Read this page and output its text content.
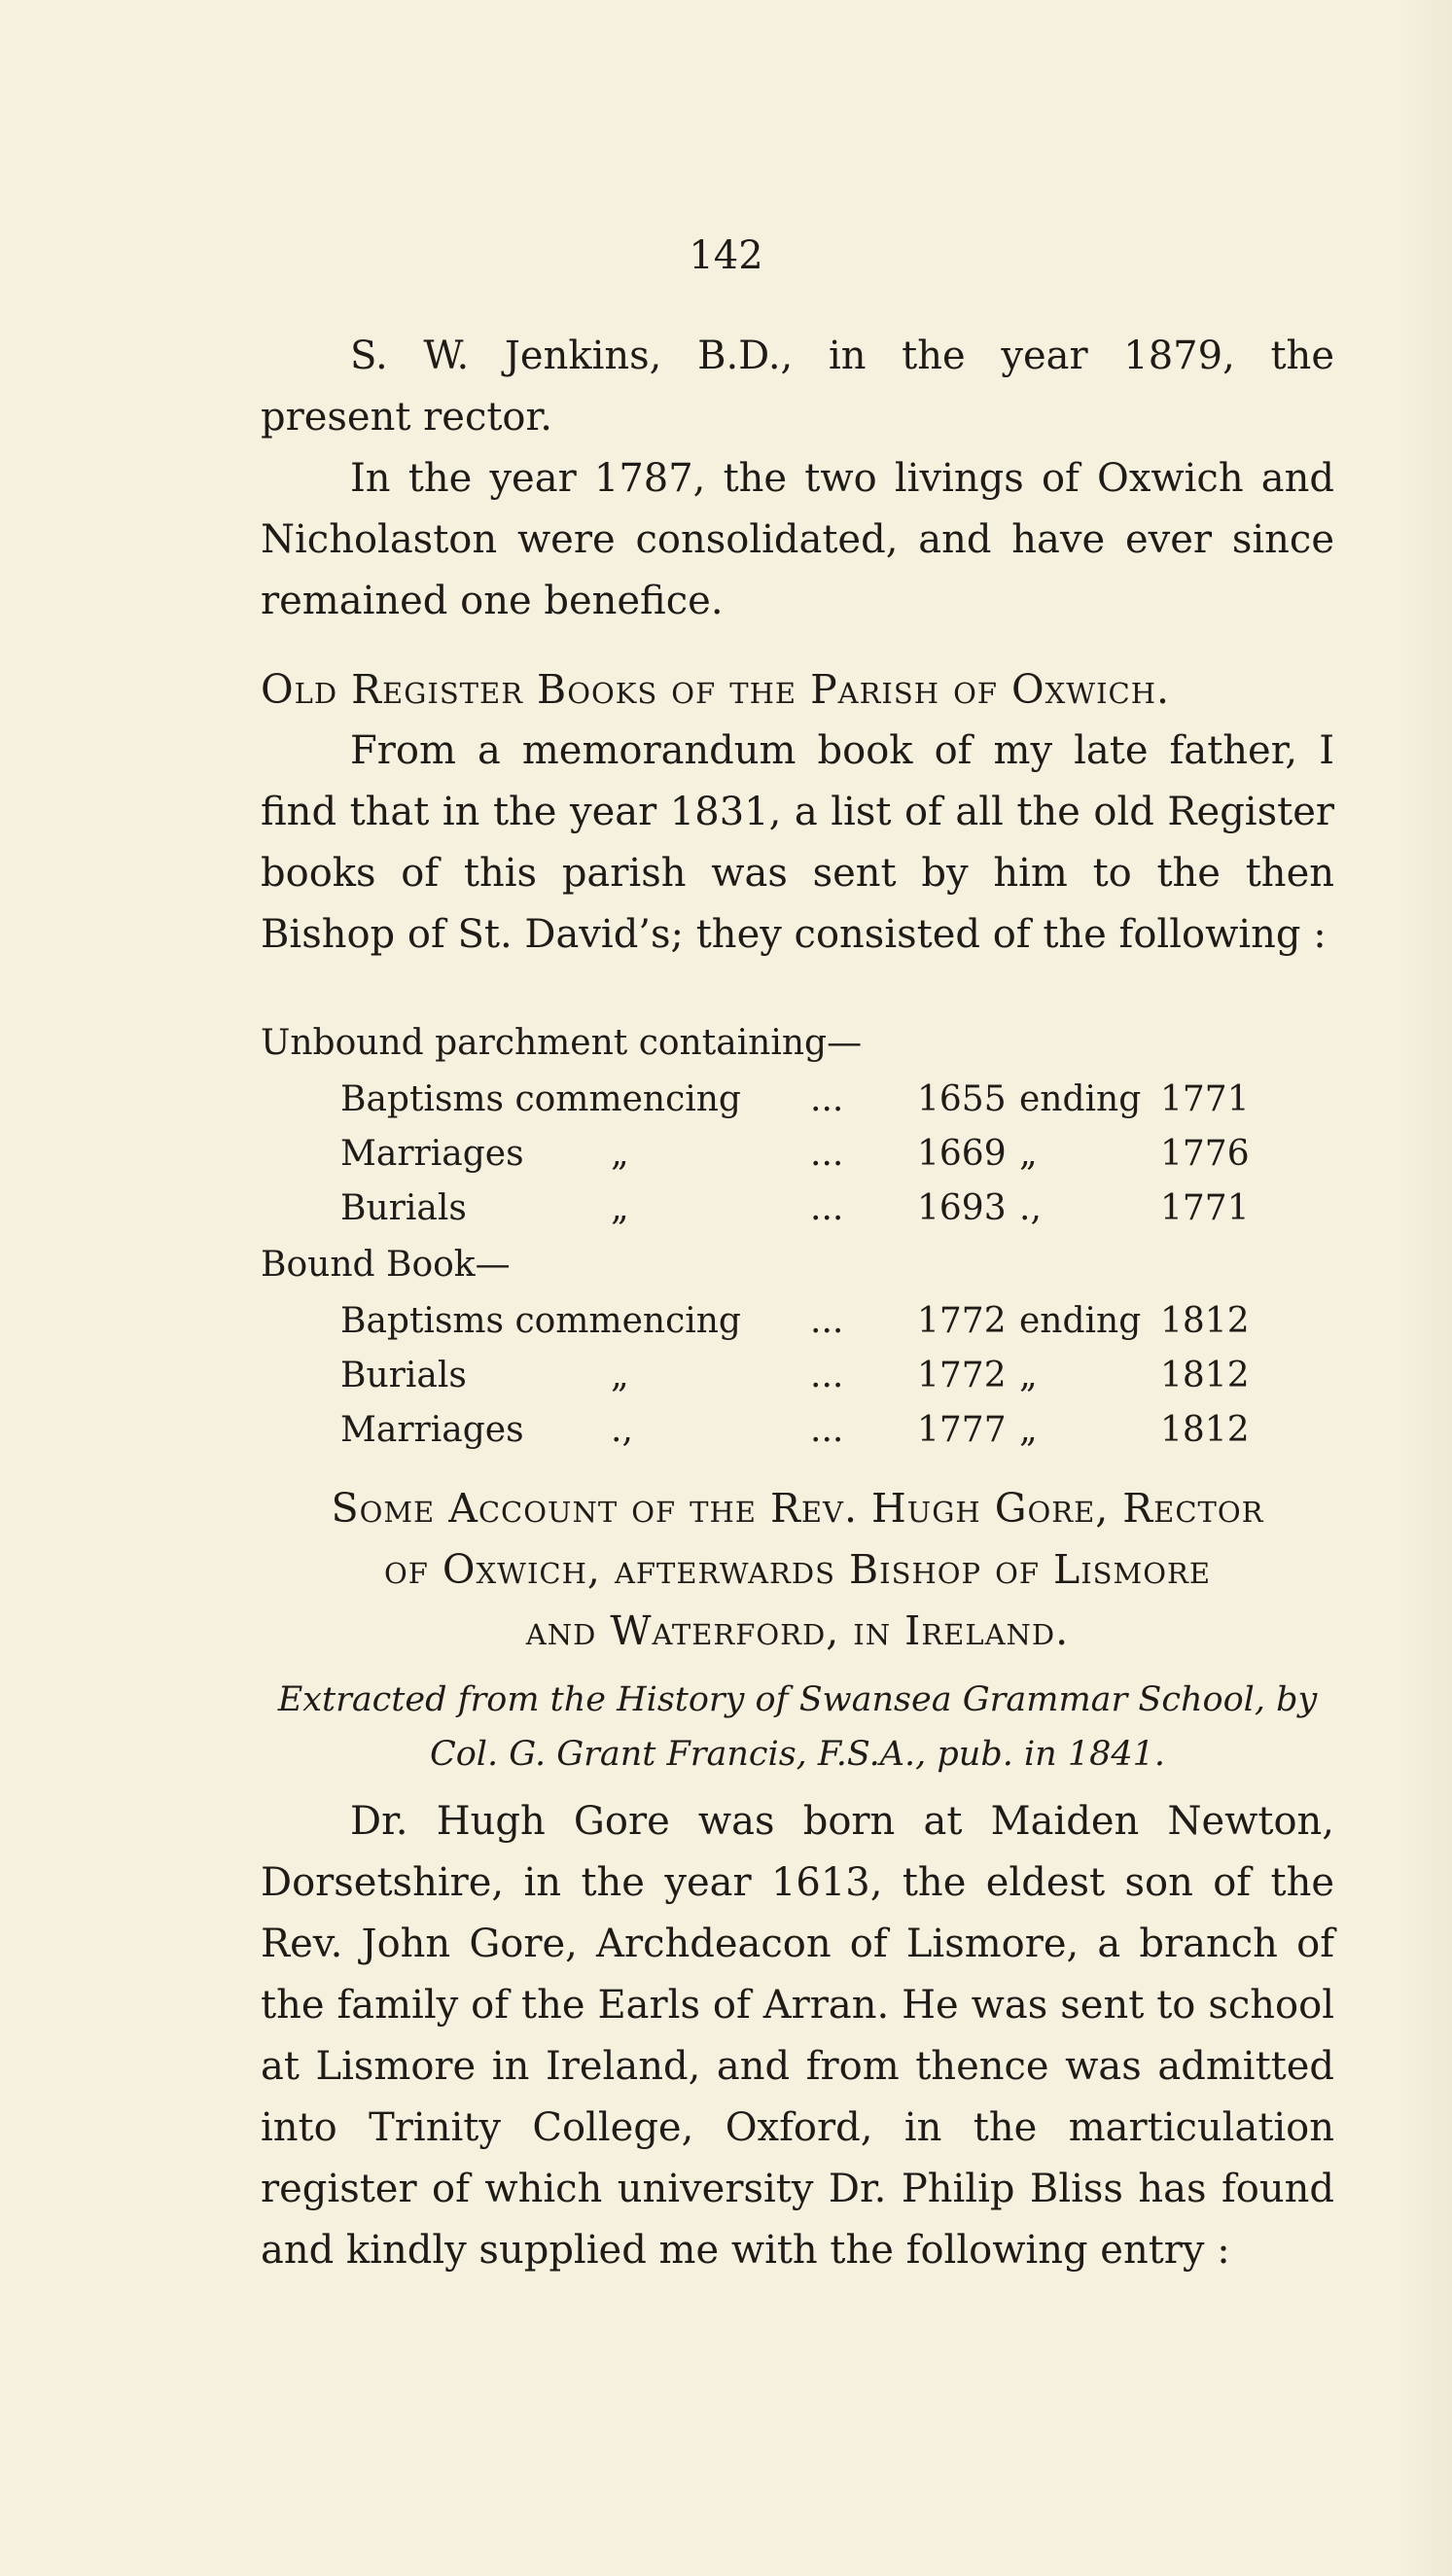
142

S. W. Jenkins, B.D., in the year 1879, the

present rector.

In the year 1787, the two livings of Oxwich and Nicholaston were consolidated, and have ever since remained one benefice.

Old Register Books of the Parish of Oxwich.

From a memorandum book of my late father, I find that in the year 1831, a list of all the old Register books of this parish was sent by him to the then Bishop of St. David’s; they consisted of the following :

Unbound parchment containing—
Baptisms commencing ... 1655 ending 1771
Marriages „	... 1669 „	1776
Burials	„	... 1693 .,	1771
Bound Book—
Baptisms commencing ... 1772 ending 1812
Burials	„	... 1772 „	1812
Marriages .,	... 1777 „	1812

Some Account of the Rev. Hugh Gore, Rector

of Oxwich, afterwards Bishop of Lismore

and Waterford, in Ireland.

Extracted from the History of Swansea Grammar School, by

Col. G. Grant Francis, F.S.A., pub. in 1841.

Dr. Hugh Gore was born at Maiden Newton, Dorsetshire, in the year 1613, the eldest son of the Rev. John Gore, Archdeacon of Lismore, a branch of the family of the Earls of Arran. He was sent to school at Lismore in Ireland, and from thence was admitted into Trinity College, Oxford, in the marticulation register of which university Dr. Philip Bliss has found and kindly supplied me with the following entry :
